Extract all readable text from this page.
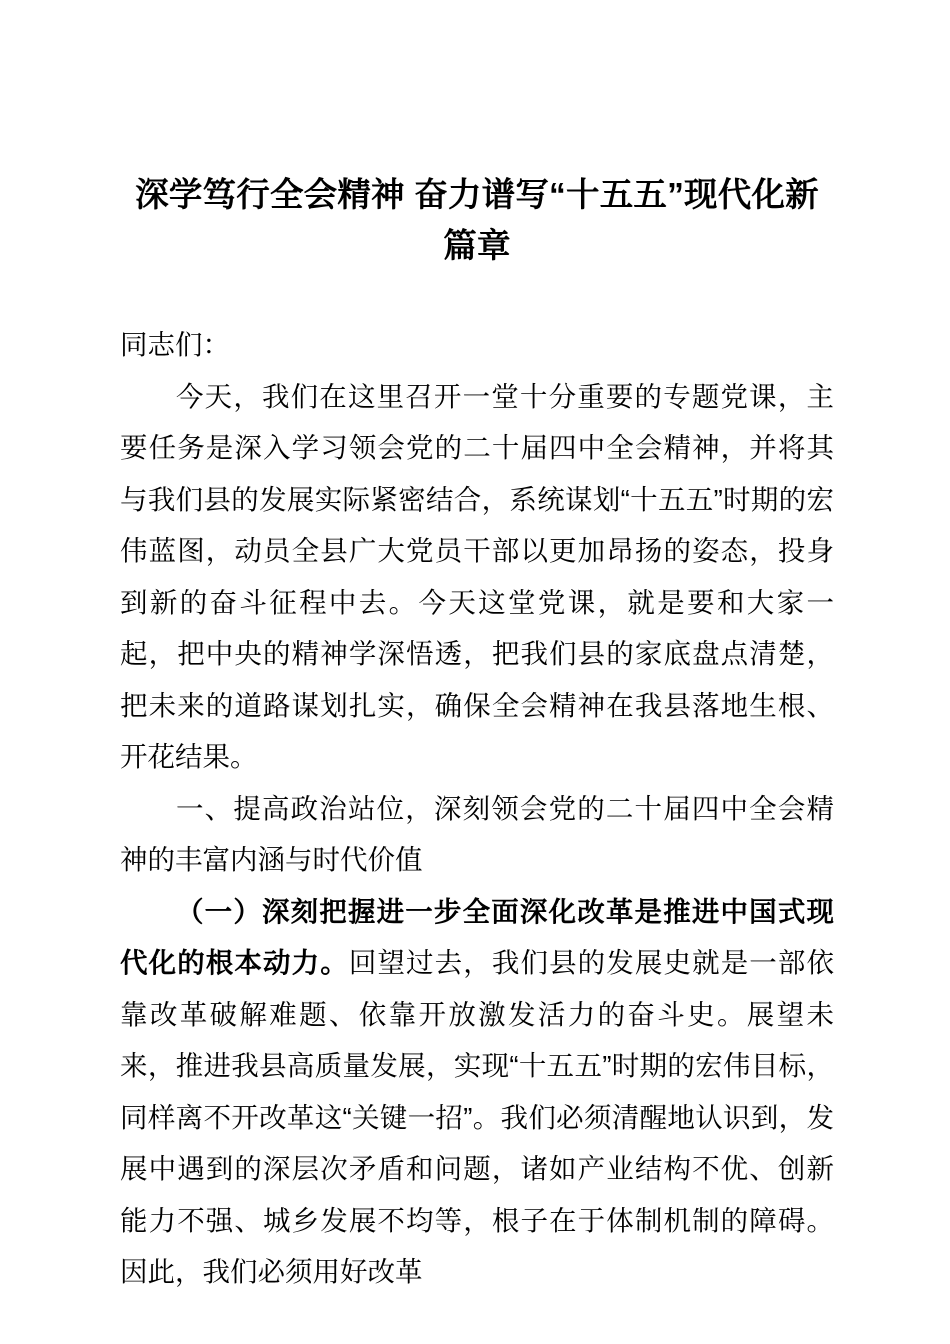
深学笃行全会精神 奋力谱写“十五五”现代化新篇章

同志们：

今天，我们在这里召开一堂十分重要的专题党课，主要任务是深入学习领会党的二十届四中全会精神，并将其与我们县的发展实际紧密结合，系统谋划“十五五”时期的宏伟蓝图，动员全县广大党员干部以更加昂扬的姿态，投身到新的奋斗征程中去。今天这堂党课，就是要和大家一起，把中央的精神学深悟透，把我们县的家底盘点清楚，把未来的道路谋划扎实，确保全会精神在我县落地生根、开花结果。

一、提高政治站位，深刻领会党的二十届四中全会精神的丰富内涵与时代价值

（一）深刻把握进一步全面深化改革是推进中国式现代化的根本动力。回望过去，我们县的发展史就是一部依靠改革破解难题、依靠开放激发活力的奋斗史。展望未来，推进我县高质量发展，实现“十五五”时期的宏伟目标，同样离不开改革这“关键一招”。我们必须清醒地认识到，发展中遇到的深层次矛盾和问题，诸如产业结构不优、创新能力不强、城乡发展不均等，根子在于体制机制的障碍。因此，我们必须用好改革
